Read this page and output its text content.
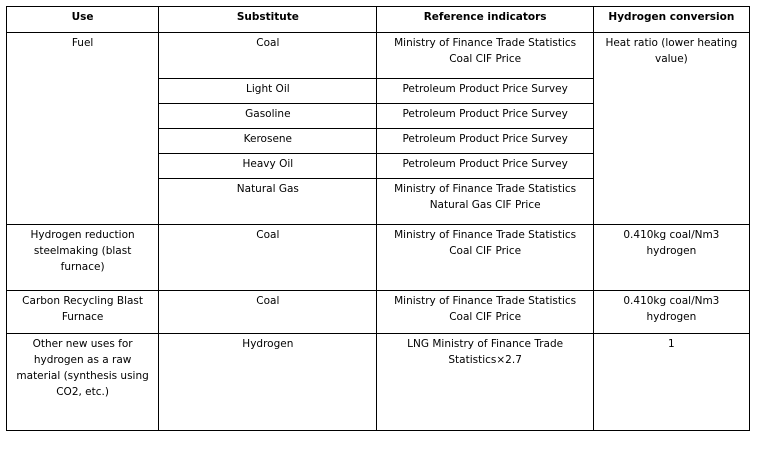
Use	Substitute	Reference indicators	Hydrogen conversion
Fuel	Coal	Ministry of Finance Trade Statistics Coal CIF Price	Heat ratio (lower heating value)
	Light Oil	Petroleum Product Price Survey	
	Gasoline	Petroleum Product Price Survey	
	Kerosene	Petroleum Product Price Survey	
	Heavy Oil	Petroleum Product Price Survey	
	Natural Gas	Ministry of Finance Trade Statistics Natural Gas CIF Price	
Hydrogen reduction steelmaking (blast furnace)	Coal	Ministry of Finance Trade Statistics Coal CIF Price	0.410kg coal/Nm3 hydrogen
Carbon Recycling Blast Furnace	Coal	Ministry of Finance Trade Statistics Coal CIF Price	0.410kg coal/Nm3 hydrogen
Other new uses for hydrogen as a raw material (synthesis using CO2, etc.)	Hydrogen	LNG Ministry of Finance Trade Statistics×2.7	1
